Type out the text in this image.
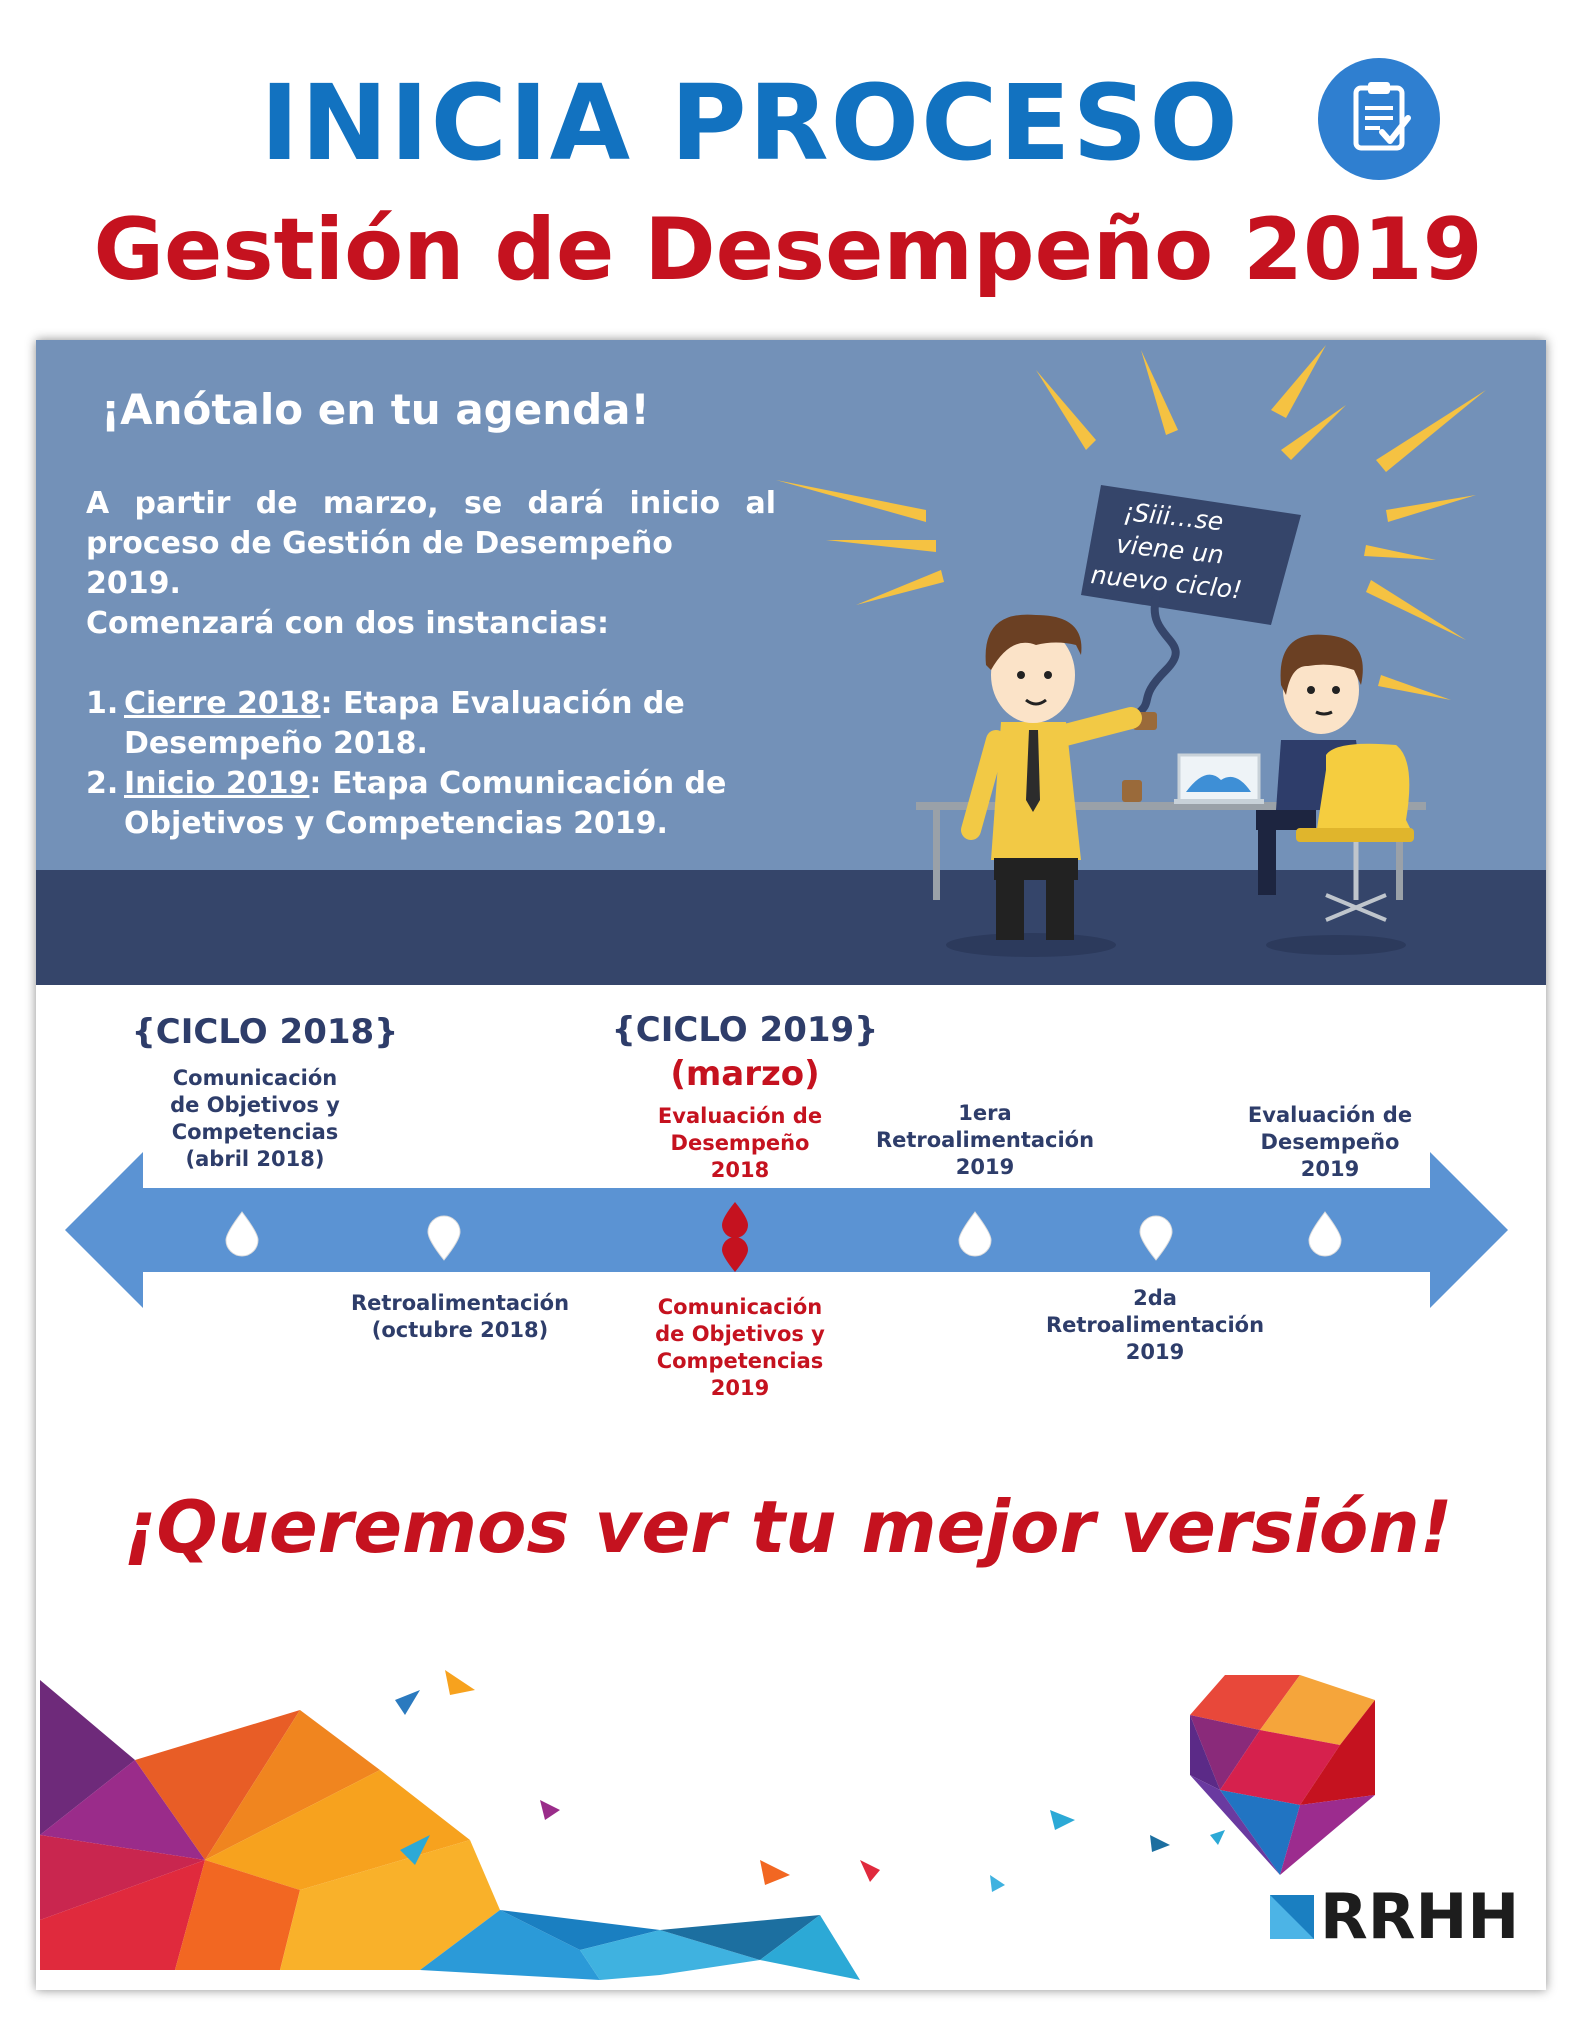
INICIA PROCESO
Gestión de Desempeño 2019
¡Anótalo en tu agenda!
A partir de marzo, se dará inicio al
proceso de Gestión de Desempeño 2019.
Comenzará con dos instancias:
1. Cierre 2018: Etapa Evaluación de
Desempeño 2018.
2. Inicio 2019: Etapa Comunicación de
Objetivos y Competencias 2019.
¡Siii…se
viene un
nuevo ciclo!
{CICLO 2018}	{CICLO 2019}
(marzo)
Comunicación
de Objetivos y
Competencias
(abril 2018)
Evaluación de
Desempeño
2018
1era
Retroalimentación
2019
Evaluación de
Desempeño
2019
Retroalimentación
(octubre 2018)
Comunicación
de Objetivos y
Competencias
2019
2da
Retroalimentación
2019
¡Queremos ver tu mejor versión!
RRHH
